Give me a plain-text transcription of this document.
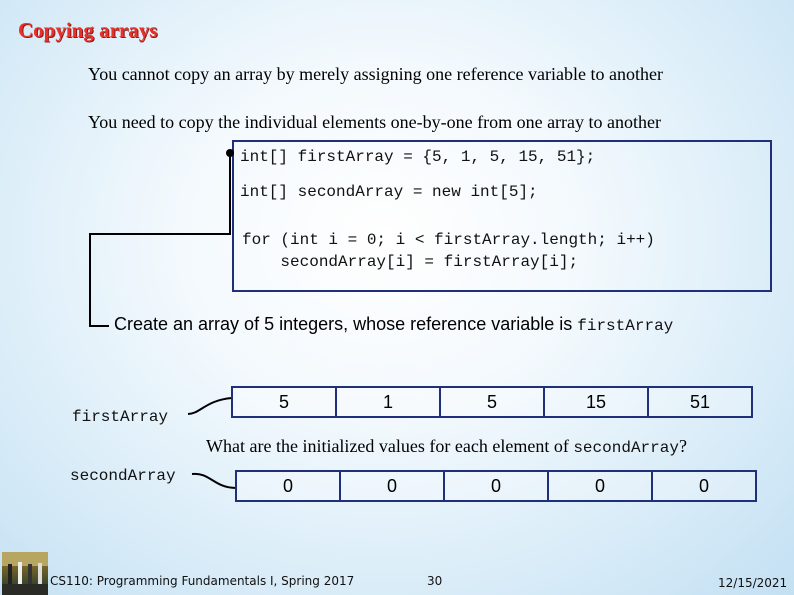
Copying arrays
You cannot copy an array by merely assigning one reference variable to another
You need to copy the individual elements one-by-one from one array to another
int[] firstArray = {5, 1, 5, 15, 51};
int[] secondArray = new int[5];
for (int i = 0; i < firstArray.length; i++)
secondArray[i] = firstArray[i];
Create an array of 5 integers, whose reference variable is firstArray
firstArray
5	1	5	15	51
What are the initialized values for each element of secondArray?
secondArray	0	0	0	0	0
CS110: Programming Fundamentals I, Spring 2017	30	12/15/2021
